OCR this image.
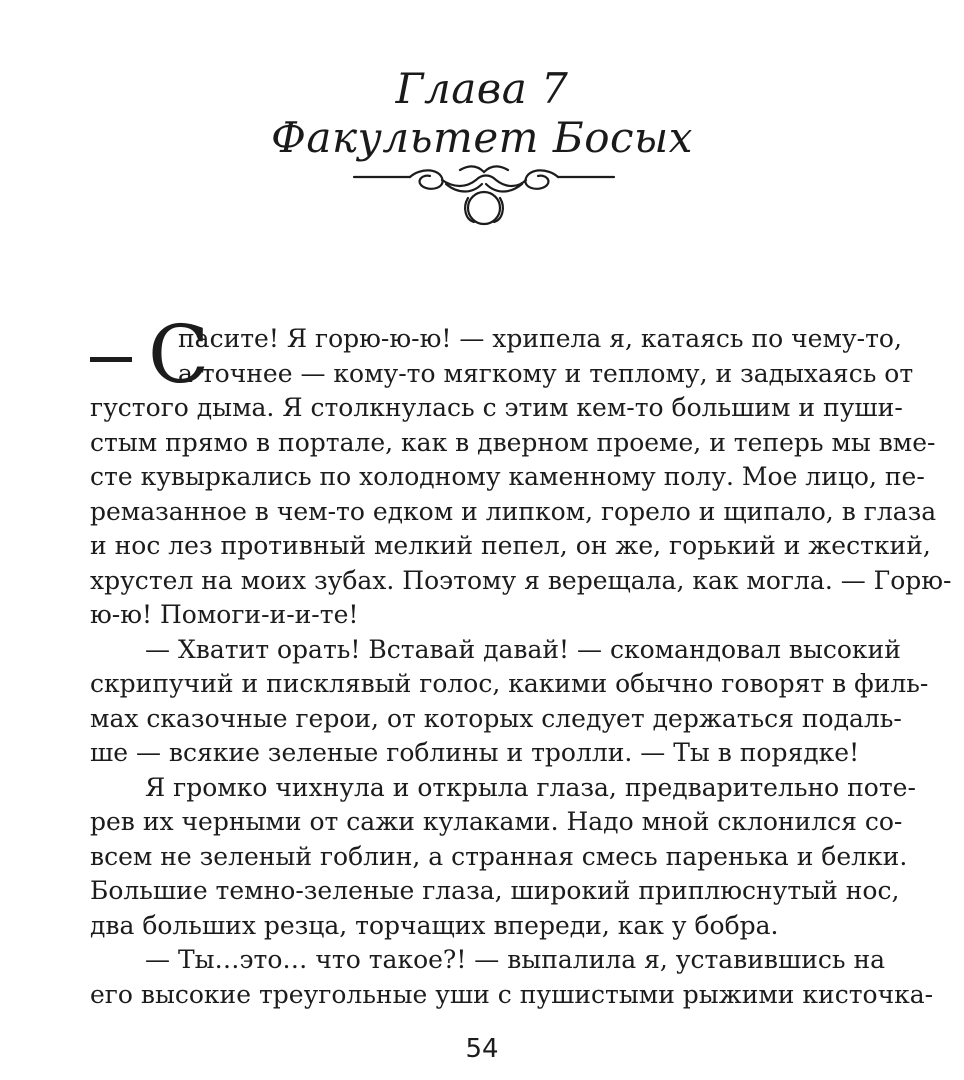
Глава 7
Факультет Босых
С
пасите! Я горю-ю-ю! — хрипела я, катаясь по чему-то,
а точнее — кому-то мягкому и теплому, и задыхаясь от
густого дыма. Я столкнулась с этим кем-то большим и пуши-
стым прямо в портале, как в дверном проеме, и теперь мы вме-
сте кувыркались по холодному каменному полу. Мое лицо, пе-
ремазанное в чем-то едком и липком, горело и щипало, в глаза
и нос лез противный мелкий пепел, он же, горький и жесткий,
хрустел на моих зубах. Поэтому я верещала, как могла. — Горю-
ю-ю! Помоги-и-и-те!
— Хватит орать! Вставай давай! — скомандовал высокий
скрипучий и писклявый голос, какими обычно говорят в филь-
мах сказочные герои, от которых следует держаться подаль-
ше — всякие зеленые гоблины и тролли. — Ты в порядке!
Я громко чихнула и открыла глаза, предварительно поте-
рев их черными от сажи кулаками. Надо мной склонился со-
всем не зеленый гоблин, а странная смесь паренька и белки.
Большие темно-зеленые глаза, широкий приплюснутый нос,
два больших резца, торчащих впереди, как у бобра.
— Ты…это… что такое?! — выпалила я, уставившись на
его высокие треугольные уши с пушистыми рыжими кисточка-
54
